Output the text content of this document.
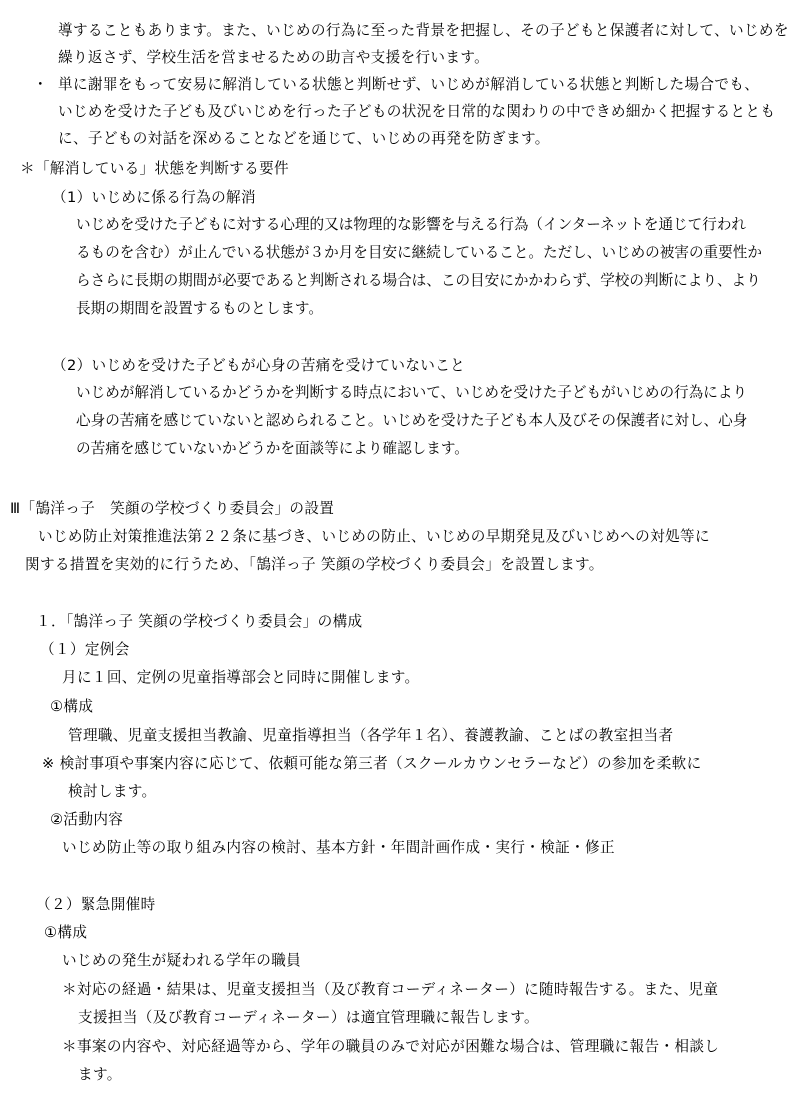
導することもあります。また、いじめの行為に至った背景を把握し、その子どもと保護者に対して、いじめを
繰り返さず、学校生活を営ませるための助言や支援を行います。
・ 単に謝罪をもって安易に解消している状態と判断せず、いじめが解消している状態と判断した場合でも、
いじめを受けた子ども及びいじめを行った子どもの状況を日常的な関わりの中できめ細かく把握するととも
に、子どもの対話を深めることなどを通じて、いじめの再発を防ぎます。
＊「解消している」状態を判断する要件
（1）いじめに係る行為の解消
いじめを受けた子どもに対する心理的又は物理的な影響を与える行為（インターネットを通じて行われ
るものを含む）が止んでいる状態が３か月を目安に継続していること。ただし、いじめの被害の重要性か
らさらに長期の期間が必要であると判断される場合は、この目安にかかわらず、学校の判断により、より
長期の期間を設置するものとします。
（2）いじめを受けた子どもが心身の苦痛を受けていないこと
いじめが解消しているかどうかを判断する時点において、いじめを受けた子どもがいじめの行為により
心身の苦痛を感じていないと認められること。いじめを受けた子ども本人及びその保護者に対し、心身
の苦痛を感じていないかどうかを面談等により確認します。
Ⅲ「鵠洋っ子　笑顔の学校づくり委員会」の設置
いじめ防止対策推進法第２２条に基づき、いじめの防止、いじめの早期発見及びいじめへの対処等に
関する措置を実効的に行うため、「鵠洋っ子 笑顔の学校づくり委員会」を設置します。
１．「鵠洋っ子 笑顔の学校づくり委員会」の構成
（１）定例会
月に１回、定例の児童指導部会と同時に開催します。
①構成
管理職、児童支援担当教諭、児童指導担当（各学年１名）、養護教諭、ことばの教室担当者
※ 検討事項や事案内容に応じて、依頼可能な第三者（スクールカウンセラーなど）の参加を柔軟に
検討します。
②活動内容
いじめ防止等の取り組み内容の検討、基本方針・年間計画作成・実行・検証・修正
（２）緊急開催時
①構成
いじめの発生が疑われる学年の職員
＊対応の経過・結果は、児童支援担当（及び教育コーディネーター）に随時報告する。また、児童
支援担当（及び教育コーディネーター）は適宜管理職に報告します。
＊事案の内容や、対応経過等から、学年の職員のみで対応が困難な場合は、管理職に報告・相談し
ます。
